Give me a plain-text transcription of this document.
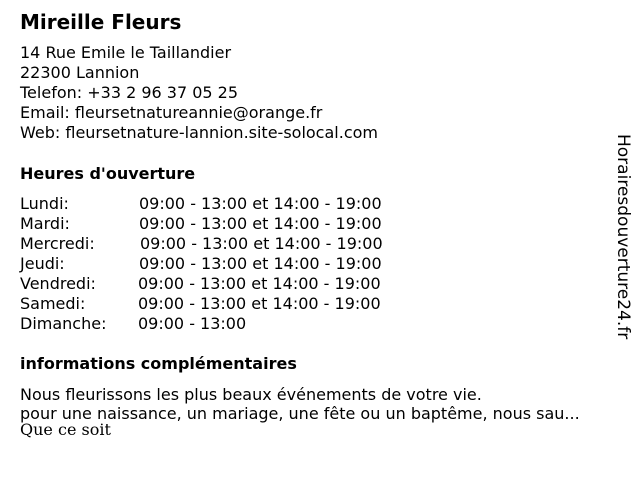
Mireille Fleurs
14 Rue Emile le Taillandier
22300 Lannion
Telefon: +33 2 96 37 05 25
Email: fleursetnatureannie@orange.fr
Web: fleursetnature-lannion.site-solocal.com
Heures d'ouverture
Lundi:	09:00 - 13:00 et 14:00 - 19:00
Mardi:	09:00 - 13:00 et 14:00 - 19:00
Mercredi:	09:00 - 13:00 et 14:00 - 19:00
Jeudi:	09:00 - 13:00 et 14:00 - 19:00
Vendredi:	09:00 - 13:00 et 14:00 - 19:00
Samedi:	09:00 - 13:00 et 14:00 - 19:00
Dimanche: 09:00 - 13:00
informations complémentaires
Nous fleurissons les plus beaux événements de votre vie.
pour une naissance, un mariage, une fête ou un baptême, nous sau...
Que ce soit
Horairesdouverture24.fr
